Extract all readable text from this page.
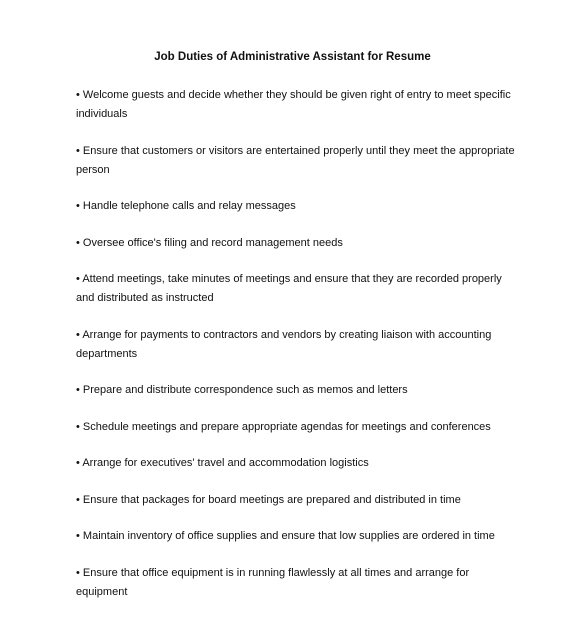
Job Duties of Administrative Assistant for Resume
• Welcome guests and decide whether they should be given right of entry to meet specific individuals
• Ensure that customers or visitors are entertained properly until they meet the appropriate person
• Handle telephone calls and relay messages
• Oversee office's filing and record management needs
• Attend meetings, take minutes of meetings and ensure that they are recorded properly and distributed as instructed
• Arrange for payments to contractors and vendors by creating liaison with accounting departments
• Prepare and distribute correspondence such as memos and letters
• Schedule meetings and prepare appropriate agendas for meetings and conferences
• Arrange for executives' travel and accommodation logistics
• Ensure that packages for board meetings are prepared and distributed in time
• Maintain inventory of office supplies and ensure that low supplies are ordered in time
• Ensure that office equipment is in running flawlessly at all times and arrange for equipment
